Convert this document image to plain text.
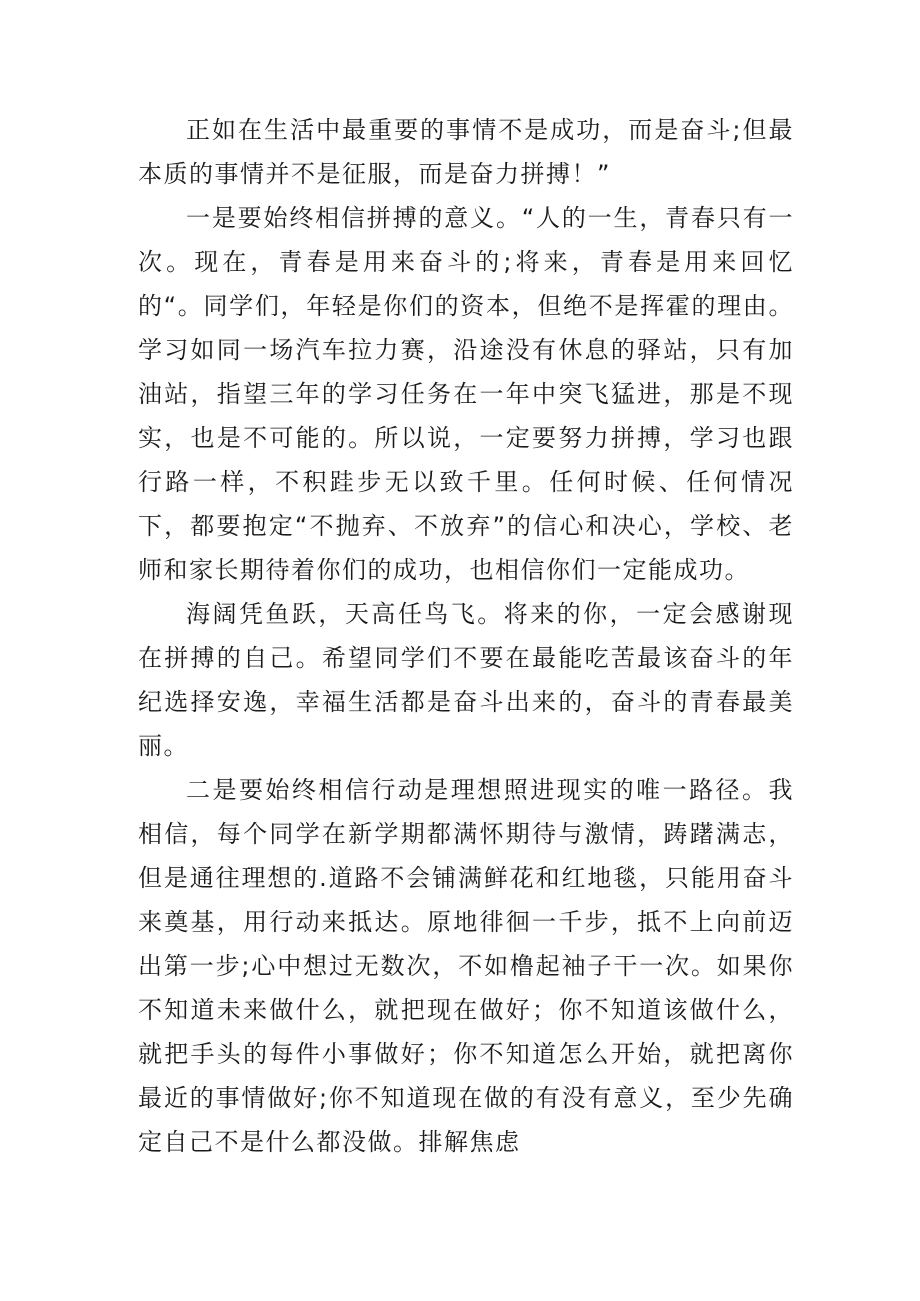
正如在生活中最重要的事情不是成功，而是奋斗;但最本质的事情并不是征服，而是奋力拼搏！”

一是要始终相信拼搏的意义。“人的一生，青春只有一次。现在，青春是用来奋斗的;将来，青春是用来回忆的“。同学们，年轻是你们的资本，但绝不是挥霍的理由。学习如同一场汽车拉力赛，沿途没有休息的驿站，只有加油站，指望三年的学习任务在一年中突飞猛进，那是不现实，也是不可能的。所以说，一定要努力拼搏，学习也跟行路一样，不积跬步无以致千里。任何时候、任何情况下，都要抱定“不抛弃、不放弃”的信心和决心，学校、老师和家长期待着你们的成功，也相信你们一定能成功。

海阔凭鱼跃，天高任鸟飞。将来的你，一定会感谢现在拼搏的自己。希望同学们不要在最能吃苦最该奋斗的年纪选择安逸，幸福生活都是奋斗出来的，奋斗的青春最美丽。

二是要始终相信行动是理想照进现实的唯一路径。我相信，每个同学在新学期都满怀期待与激情，踌躇满志，但是通往理想的.道路不会铺满鲜花和红地毯，只能用奋斗来奠基，用行动来抵达。原地徘徊一千步，抵不上向前迈出第一步;心中想过无数次，不如橹起袖子干一次。如果你不知道未来做什么，就把现在做好；你不知道该做什么，就把手头的每件小事做好；你不知道怎么开始，就把离你最近的事情做好;你不知道现在做的有没有意义，至少先确定自己不是什么都没做。排解焦虑
